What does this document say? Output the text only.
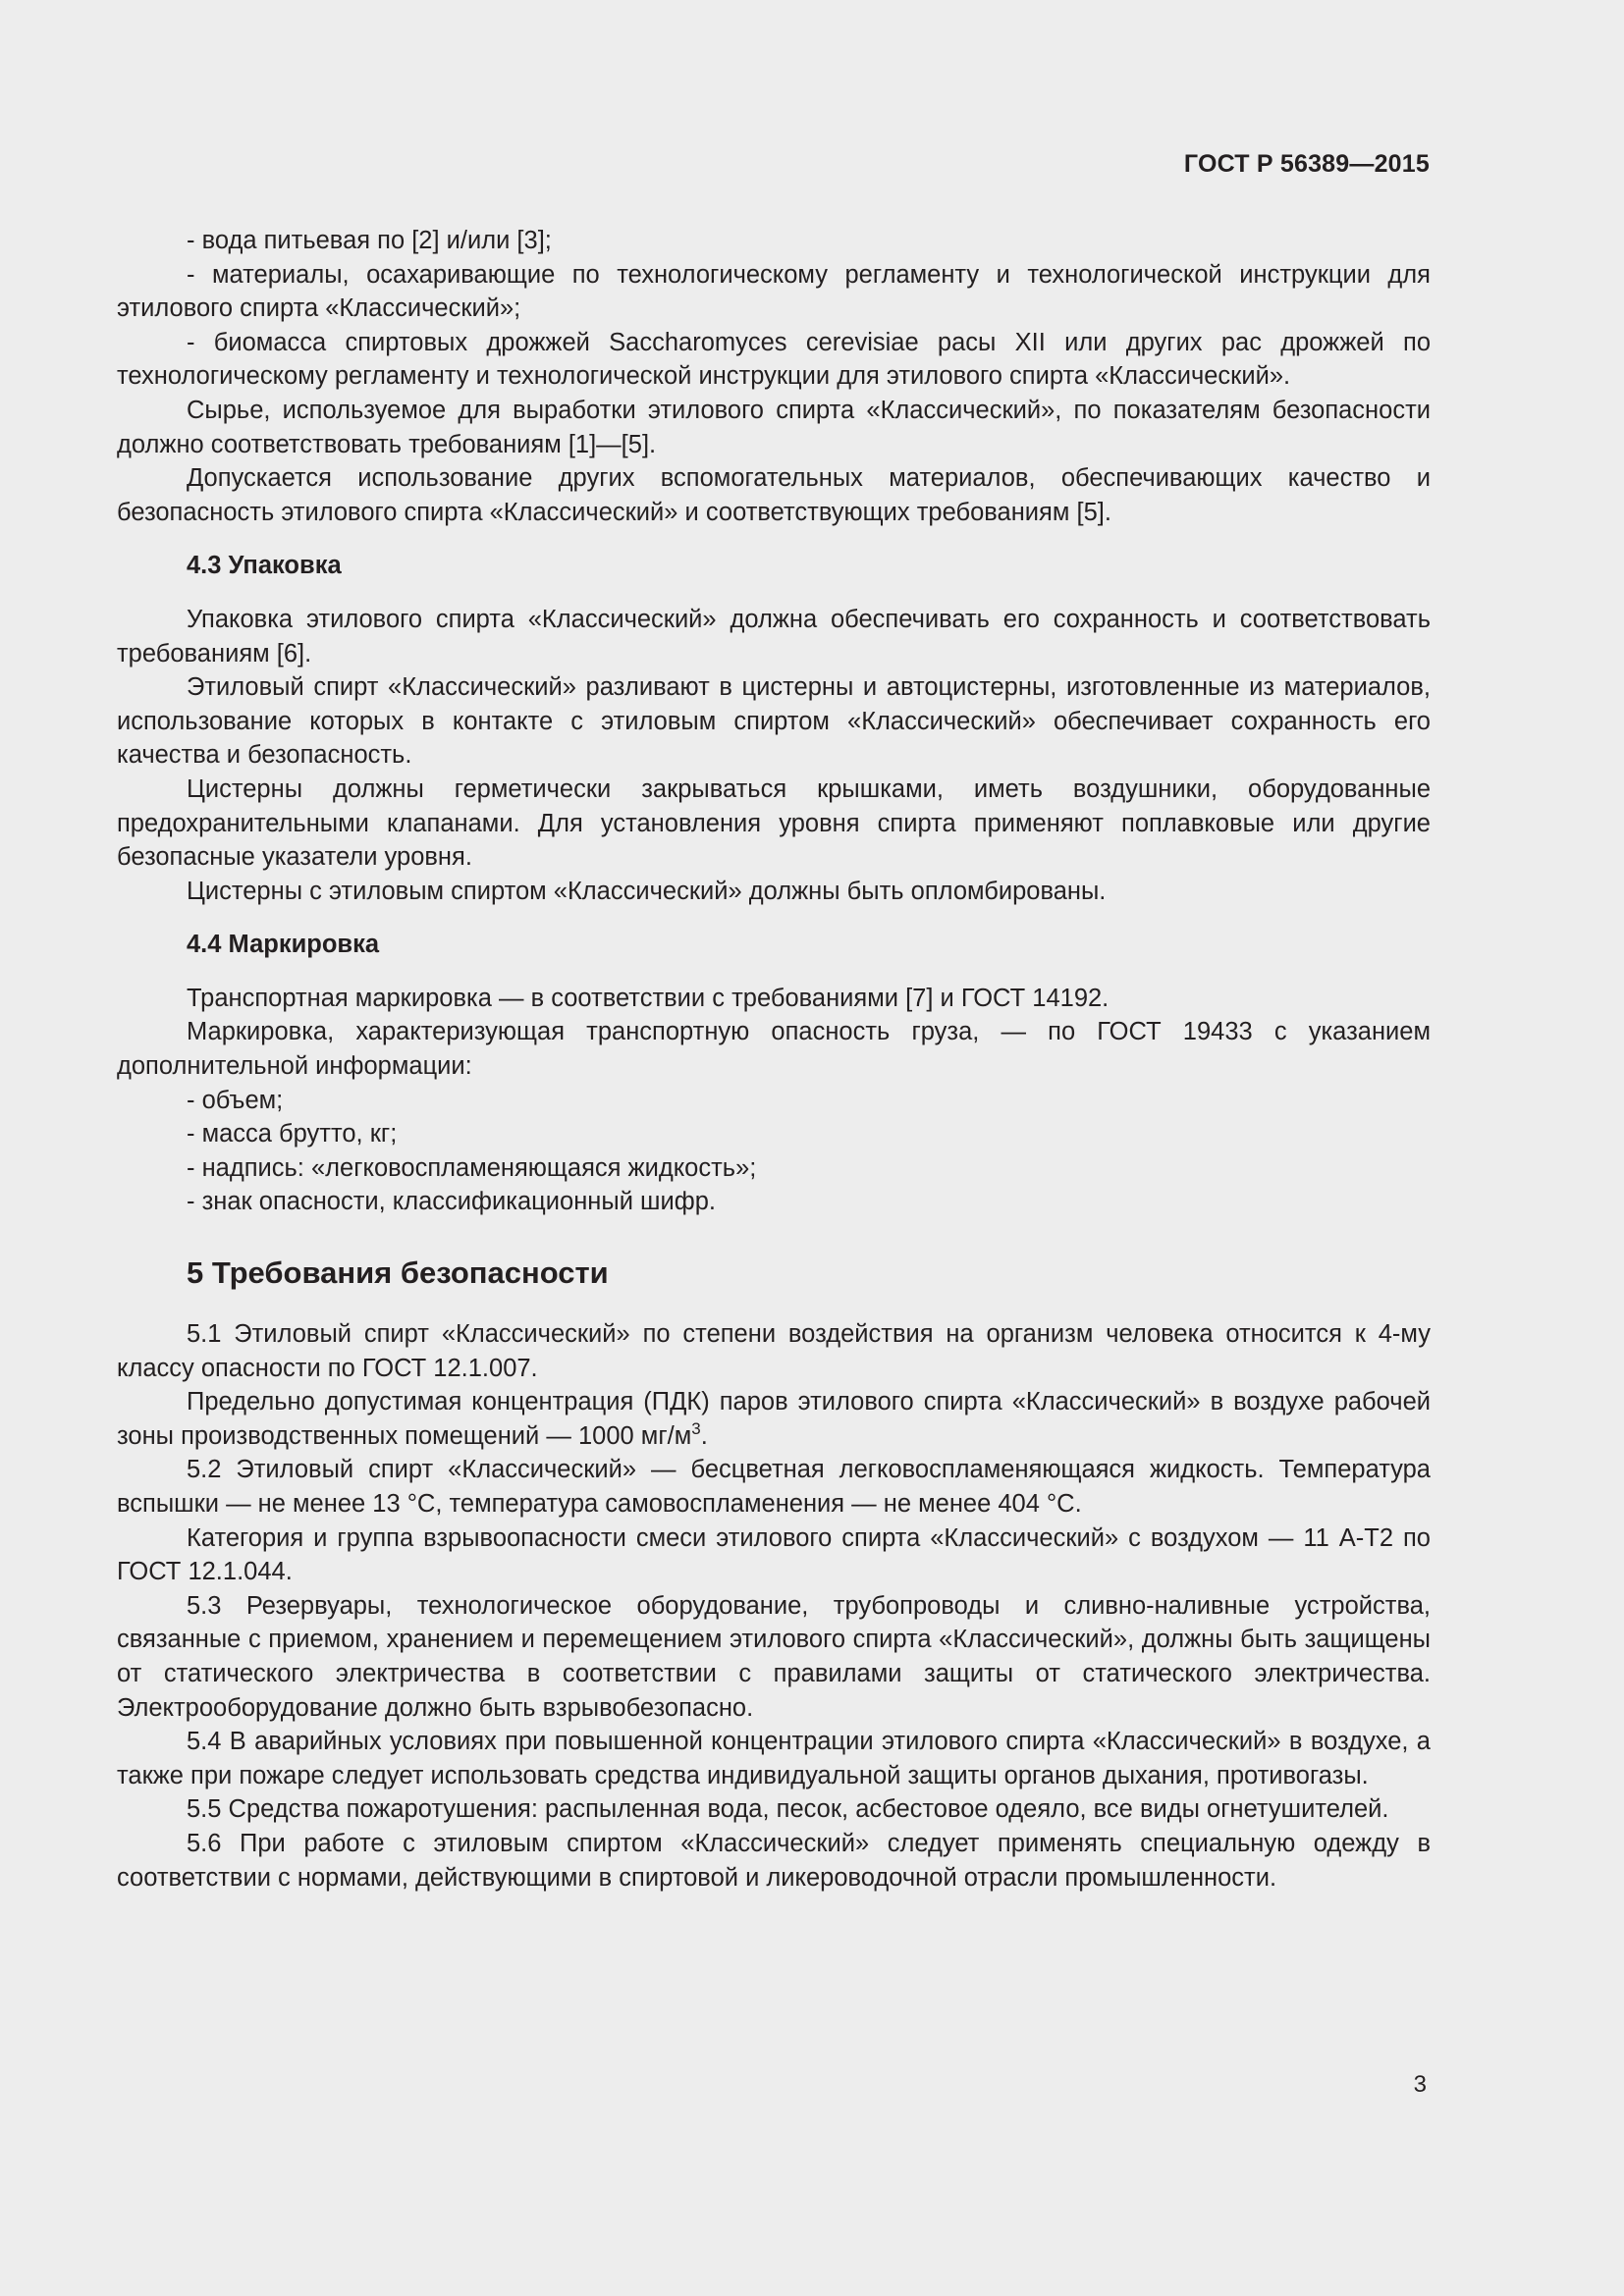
ГОСТ Р 56389—2015

- вода питьевая по [2] и/или [3];

- материалы, осахаривающие по технологическому регламенту и технологической инструкции для этилового спирта «Классический»;

- биомасса спиртовых дрожжей Saccharomyces cerevisiae расы XII или других рас дрожжей по технологическому регламенту и технологической инструкции для этилового спирта «Классический».

Сырье, используемое для выработки этилового спирта «Классический», по показателям безопасности должно соответствовать требованиям [1]—[5].

Допускается использование других вспомогательных материалов, обеспечивающих качество и безопасность этилового спирта «Классический» и соответствующих требованиям [5].

4.3 Упаковка

Упаковка этилового спирта «Классический» должна обеспечивать его сохранность и соответствовать требованиям [6].

Этиловый спирт «Классический» разливают в цистерны и автоцистерны, изготовленные из материалов, использование которых в контакте с этиловым спиртом «Классический» обеспечивает сохранность его качества и безопасность.

Цистерны должны герметически закрываться крышками, иметь воздушники, оборудованные предохранительными клапанами. Для установления уровня спирта применяют поплавковые или другие безопасные указатели уровня.

Цистерны с этиловым спиртом «Классический» должны быть опломбированы.

4.4 Маркировка

Транспортная маркировка — в соответствии с требованиями [7] и ГОСТ 14192.

Маркировка, характеризующая транспортную опасность груза, — по ГОСТ 19433 с указанием дополнительной информации:

- объем;

- масса брутто, кг;

- надпись: «легковоспламеняющаяся жидкость»;

- знак опасности, классификационный шифр.

5 Требования безопасности

5.1 Этиловый спирт «Классический» по степени воздействия на организм человека относится к 4-му классу опасности по ГОСТ 12.1.007.

Предельно допустимая концентрация (ПДК) паров этилового спирта «Классический» в воздухе рабочей зоны производственных помещений — 1000 $мг/м^3$.

5.2 Этиловый спирт «Классический» — бесцветная легковоспламеняющаяся жидкость. Температура вспышки — не менее 13 °С, температура самовоспламенения — не менее 404 °С.

Категория и группа взрывоопасности смеси этилового спирта «Классический» с воздухом — 11 А-Т2 по ГОСТ 12.1.044.

5.3 Резервуары, технологическое оборудование, трубопроводы и сливно-наливные устройства, связанные с приемом, хранением и перемещением этилового спирта «Классический», должны быть защищены от статического электричества в соответствии с правилами защиты от статического электричества. Электрооборудование должно быть взрывобезопасно.

5.4 В аварийных условиях при повышенной концентрации этилового спирта «Классический» в воздухе, а также при пожаре следует использовать средства индивидуальной защиты органов дыхания, противогазы.

5.5 Средства пожаротушения: распыленная вода, песок, асбестовое одеяло, все виды огнетушителей.

5.6 При работе с этиловым спиртом «Классический» следует применять специальную одежду в соответствии с нормами, действующими в спиртовой и ликероводочной отрасли промышленности.

3
